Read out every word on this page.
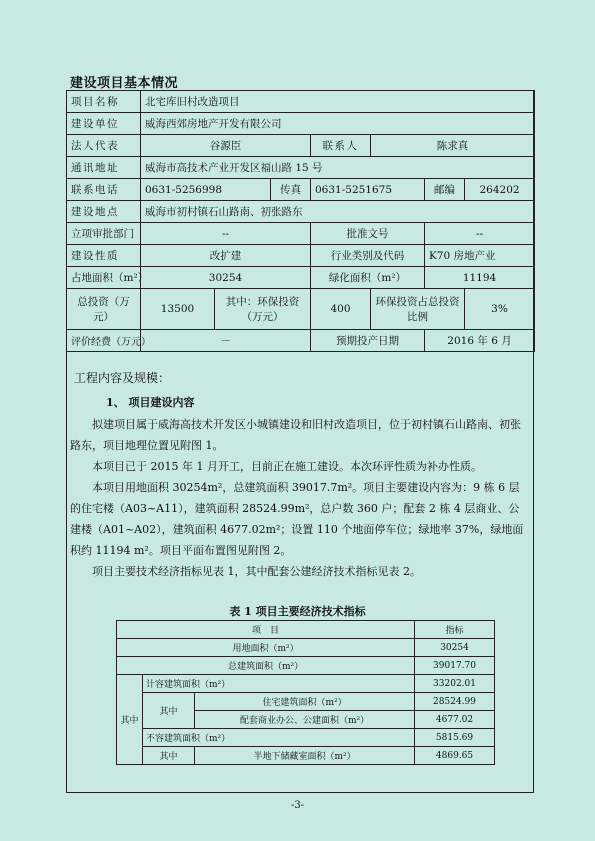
建设项目基本情况
项目名称	北宅库旧村改造项目						
建设单位	威海西郊房地产开发有限公司						
法人代表	谷源臣			联系人	陈求真		
通讯地址	威海市高技术产业开发区福山路 15 号						
联系电话	0631-5256998		传真	0631-5251675		邮编	264202
建设地点	威海市初村镇石山路南、初张路东						
立项审批部门	--			批准文号		--	
建设性质	改扩建			行业类别及代码		K70 房地产业	
占地面积（m²）	30254			绿化面积（m²）		11194	
总投资（万元）	13500	其中：环保投资（万元）		400	环保投资占总投资比例		3%
评价经费（万元）	－			预期投产日期		2016 年 6 月	
工程内容及规模：
1、 项目建设内容

拟建项目属于威海高技术开发区小城镇建设和旧村改造项目，位于初村镇石山路南、初张路东，项目地理位置见附图 1。

本项目已于 2015 年 1 月开工，目前正在施工建设。本次环评性质为补办性质。

本项目用地面积 30254m²，总建筑面积 39017.7m²。项目主要建设内容为：9 栋 6 层的住宅楼（A03~A11），建筑面积 28524.99m²，总户数 360 户；配套 2 栋 4 层商业、公建楼（A01~A02），建筑面积 4677.02m²；设置 110 个地面停车位；绿地率 37%，绿地面积约 11194 m²。项目平面布置图见附图 2。

项目主要技术经济指标见表 1，其中配套公建经济技术指标见表 2。

表 1 项目主要经济技术指标
项　目			指标
用地面积（m²）			30254
总建筑面积（m²）			39017.70
其中	计容建筑面积（m²）		33202.01
	其中	住宅建筑面积（m²）	28524.99
		配套商业办公、公建面积（m²）	4677.02
	不容建筑面积（m²）		5815.69
	其中	半地下储藏室面积（m²）	4869.65
-3-
